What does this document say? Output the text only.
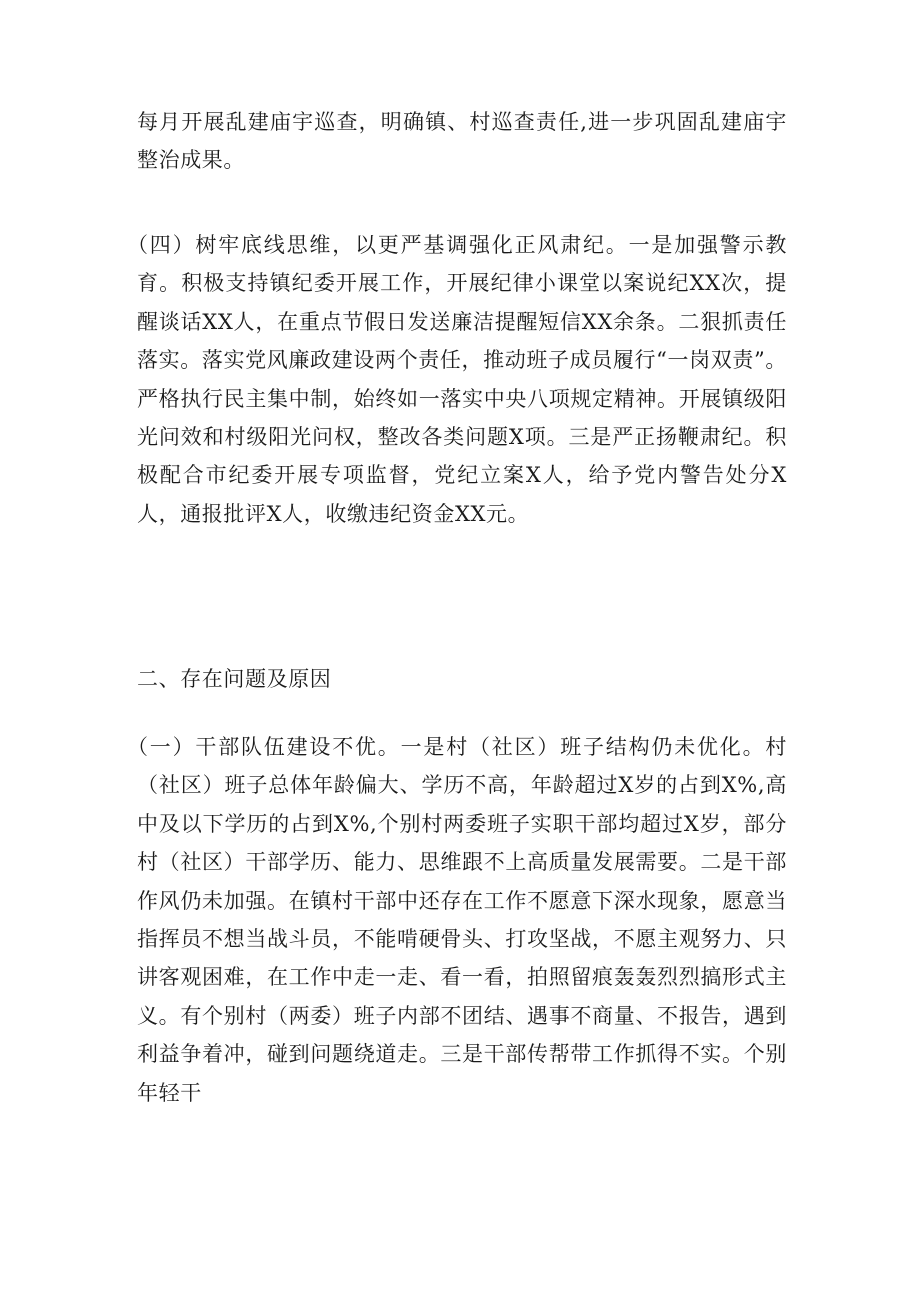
每月开展乱建庙宇巡查，明确镇、村巡查责任,进一步巩固乱建庙宇整治成果。

（四）树牢底线思维，以更严基调强化正风肃纪。一是加强警示教育。积极支持镇纪委开展工作，开展纪律小课堂以案说纪XX次，提醒谈话XX人，在重点节假日发送廉洁提醒短信XX余条。二狠抓责任落实。落实党风廉政建设两个责任，推动班子成员履行“一岗双责”。严格执行民主集中制，始终如一落实中央八项规定精神。开展镇级阳光问效和村级阳光问权，整改各类问题X项。三是严正扬鞭肃纪。积极配合市纪委开展专项监督，党纪立案X人，给予党内警告处分X人，通报批评X人，收缴违纪资金XX元。

二、存在问题及原因

（一）干部队伍建设不优。一是村（社区）班子结构仍未优化。村（社区）班子总体年龄偏大、学历不高，年龄超过X岁的占到X%,高中及以下学历的占到X%,个别村两委班子实职干部均超过X岁，部分村（社区）干部学历、能力、思维跟不上高质量发展需要。二是干部作风仍未加强。在镇村干部中还存在工作不愿意下深水现象，愿意当指挥员不想当战斗员，不能啃硬骨头、打攻坚战，不愿主观努力、只讲客观困难，在工作中走一走、看一看，拍照留痕轰轰烈烈搞形式主义。有个别村（两委）班子内部不团结、遇事不商量、不报告，遇到利益争着冲，碰到问题绕道走。三是干部传帮带工作抓得不实。个别年轻干
